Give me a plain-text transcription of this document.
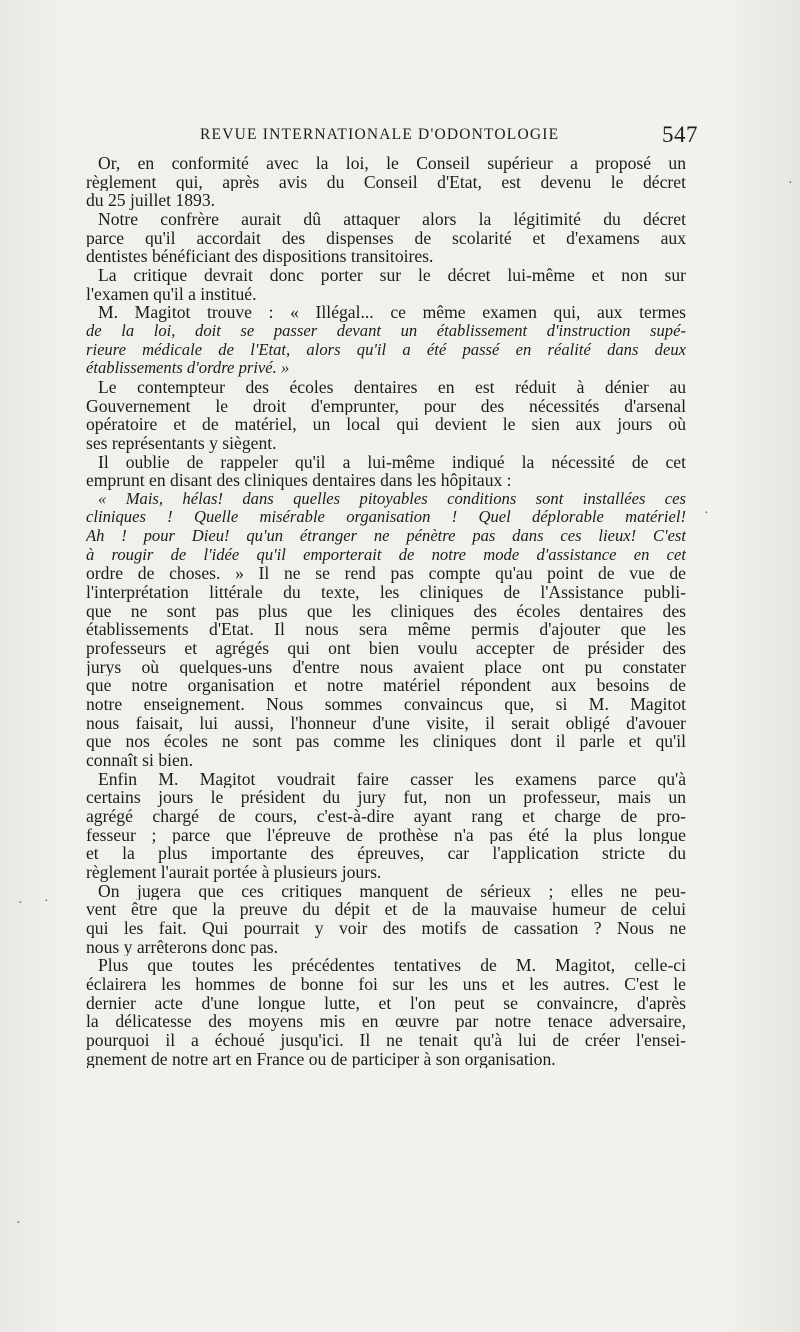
REVUE INTERNATIONALE D'ODONTOLOGIE	547
Or, en conformité avec la loi, le Conseil supérieur a proposé un
règlement qui, après avis du Conseil d'Etat, est devenu le décret
du 25 juillet 1893.
Notre confrère aurait dû attaquer alors la légitimité du décret
parce qu'il accordait des dispenses de scolarité et d'examens aux
dentistes bénéficiant des dispositions transitoires.
La critique devrait donc porter sur le décret lui-même et non sur
l'examen qu'il a institué.
M. Magitot trouve : « Illégal... ce même examen qui, aux termes
de la loi, doit se passer devant un établissement d'instruction supé-
rieure médicale de l'Etat, alors qu'il a été passé en réalité dans deux
établissements d'ordre privé. »
Le contempteur des écoles dentaires en est réduit à dénier au
Gouvernement le droit d'emprunter, pour des nécessités d'arsenal
opératoire et de matériel, un local qui devient le sien aux jours où
ses représentants y siègent.
Il oublie de rappeler qu'il a lui-même indiqué la nécessité de cet
emprunt en disant des cliniques dentaires dans les hôpitaux :
« Mais, hélas! dans quelles pitoyables conditions sont installées ces
cliniques ! Quelle misérable organisation ! Quel déplorable matériel!
Ah ! pour Dieu! qu'un étranger ne pénètre pas dans ces lieux! C'est
à rougir de l'idée qu'il emporterait de notre mode d'assistance en cet
ordre de choses. » Il ne se rend pas compte qu'au point de vue de
l'interprétation littérale du texte, les cliniques de l'Assistance publi-
que ne sont pas plus que les cliniques des écoles dentaires des
établissements d'Etat. Il nous sera même permis d'ajouter que les
professeurs et agrégés qui ont bien voulu accepter de présider des
jurys où quelques-uns d'entre nous avaient place ont pu constater
que notre organisation et notre matériel répondent aux besoins de
notre enseignement. Nous sommes convaincus que, si M. Magitot
nous faisait, lui aussi, l'honneur d'une visite, il serait obligé d'avouer
que nos écoles ne sont pas comme les cliniques dont il parle et qu'il
connaît si bien.
Enfin M. Magitot voudrait faire casser les examens parce qu'à
certains jours le président du jury fut, non un professeur, mais un
agrégé chargé de cours, c'est-à-dire ayant rang et charge de pro-
fesseur ; parce que l'épreuve de prothèse n'a pas été la plus longue
et la plus importante des épreuves, car l'application stricte du
règlement l'aurait portée à plusieurs jours.
On jugera que ces critiques manquent de sérieux ; elles ne peu-
vent être que la preuve du dépit et de la mauvaise humeur de celui
qui les fait. Qui pourrait y voir des motifs de cassation ? Nous ne
nous y arrêterons donc pas.
Plus que toutes les précédentes tentatives de M. Magitot, celle-ci
éclairera les hommes de bonne foi sur les uns et les autres. C'est le
dernier acte d'une longue lutte, et l'on peut se convaincre, d'après
la délicatesse des moyens mis en œuvre par notre tenace adversaire,
pourquoi il a échoué jusqu'ici. Il ne tenait qu'à lui de créer l'ensei-
gnement de notre art en France ou de participer à son organisation.
·
·
· ·
·
